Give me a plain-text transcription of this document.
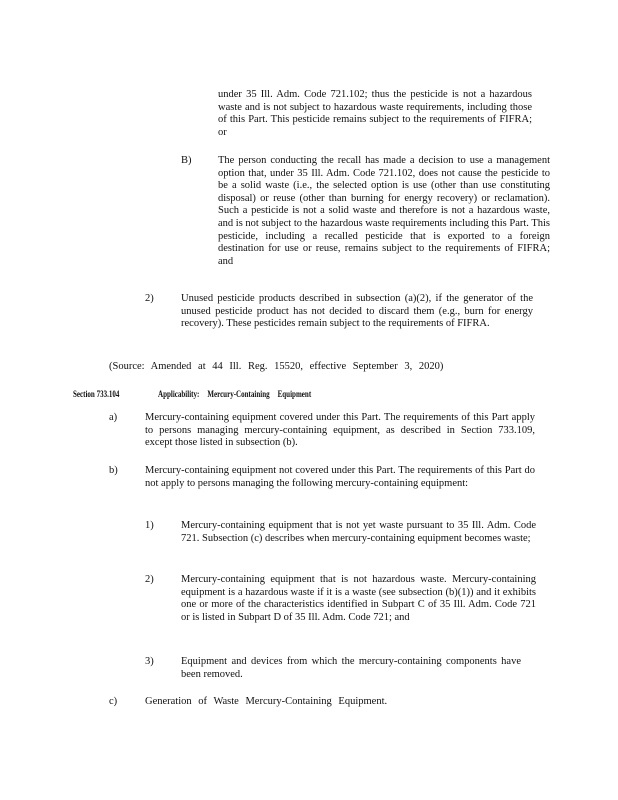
under 35 Ill. Adm. Code 721.102; thus the pesticide is not a hazardous waste and is not subject to hazardous waste requirements, including those of this Part. This pesticide remains subject to the requirements of FIFRA; or

B)	The person conducting the recall has made a decision to use a management option that, under 35 Ill. Adm. Code 721.102, does not cause the pesticide to be a solid waste (i.e., the selected option is use (other than use constituting disposal) or reuse (other than burning for energy recovery) or reclamation). Such a pesticide is not a solid waste and therefore is not a hazardous waste, and is not subject to the hazardous waste requirements including this Part. This pesticide, including a recalled pesticide that is exported to a foreign destination for use or reuse, remains subject to the requirements of FIFRA; and

2)	Unused pesticide products described in subsection (a)(2), if the generator of the unused pesticide product has not decided to discard them (e.g., burn for energy recovery). These pesticides remain subject to the requirements of FIFRA.

(Source: Amended at 44 Ill. Reg. 15520, effective September 3, 2020)

Section 733.104	Applicability: Mercury-Containing Equipment
a)	Mercury-containing equipment covered under this Part. The requirements of this Part apply to persons managing mercury-containing equipment, as described in Section 733.109, except those listed in subsection (b).

b)	Mercury-containing equipment not covered under this Part. The requirements of this Part do not apply to persons managing the following mercury-containing equipment:

1)	Mercury-containing equipment that is not yet waste pursuant to 35 Ill. Adm. Code 721. Subsection (c) describes when mercury-containing equipment becomes waste;

2)	Mercury-containing equipment that is not hazardous waste. Mercury-containing equipment is a hazardous waste if it is a waste (see subsection (b)(1)) and it exhibits one or more of the characteristics identified in Subpart C of 35 Ill. Adm. Code 721 or is listed in Subpart D of 35 Ill. Adm. Code 721; and

3)	Equipment and devices from which the mercury-containing components have been removed.

c)	Generation of Waste Mercury-Containing Equipment.
